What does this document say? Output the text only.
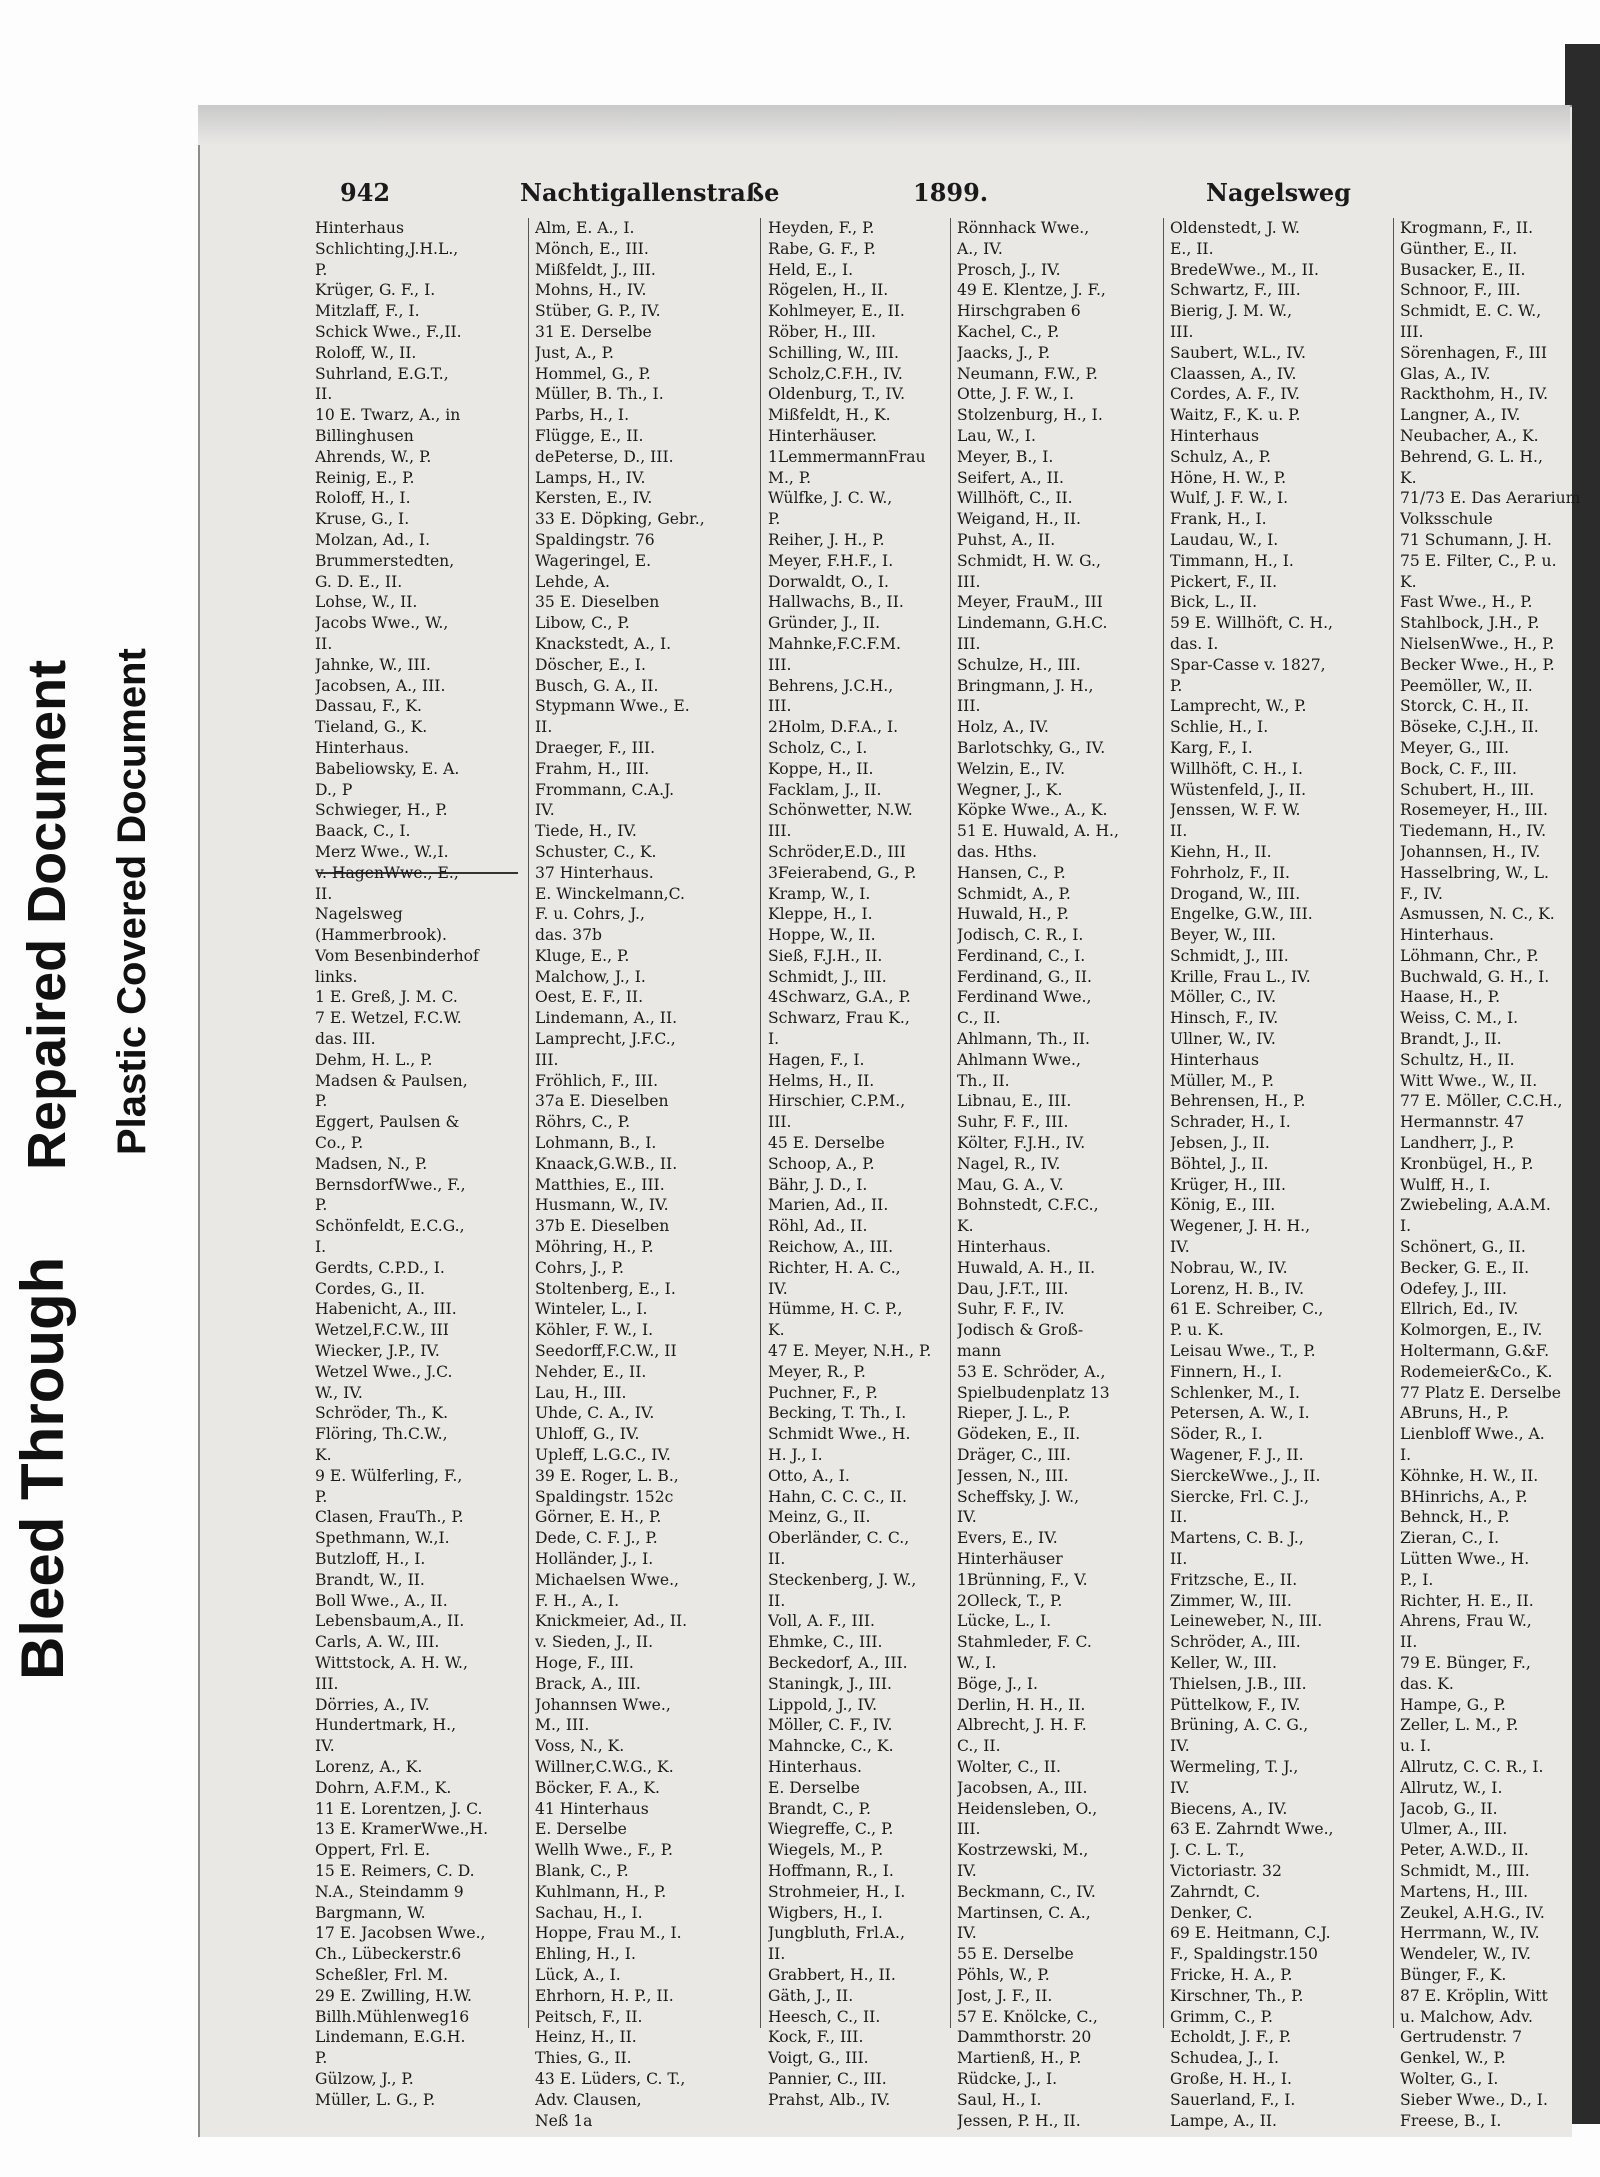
Bleed Through
Repaired Document Plastic Covered Document
942	Nachtigallenstraße	1899.	Nagelsweg
Hinterhaus
Schlichting,J.H.L.,
P.
Krüger, G. F., I.
Mitzlaff, F., I.
Schick Wwe., F.,II.
Roloff, W., II.
Suhrland, E.G.T.,
II.
10 E. Twarz, A., in
Billinghusen
Ahrends, W., P.
Reinig, E., P.
Roloff, H., I.
Kruse, G., I.
Molzan, Ad., I.
Brummerstedten,
G. D. E., II.
Lohse, W., II.
Jacobs Wwe., W.,
II.
Jahnke, W., III.
Jacobsen, A., III.
Dassau, F., K.
Tieland, G., K.
Hinterhaus.
Babeliowsky, E. A.
D., P
Schwieger, H., P.
Baack, C., I.
Merz Wwe., W.,I.
v. HagenWwe., E.,
II.
Nagelsweg
(Hammerbrook).
Vom Besenbinderhof
links.
1 E. Greß, J. M. C.
7 E. Wetzel, F.C.W.
das. III.
Dehm, H. L., P.
Madsen & Paulsen,
P.
Eggert, Paulsen &
Co., P.
Madsen, N., P.
BernsdorfWwe., F.,
P.
Schönfeldt, E.C.G.,
I.
Gerdts, C.P.D., I.
Cordes, G., II.
Habenicht, A., III.
Wetzel,F.C.W., III
Wiecker, J.P., IV.
Wetzel Wwe., J.C.
W., IV.
Schröder, Th., K.
Flöring, Th.C.W.,
K.
9 E. Wülferling, F.,
P.
Clasen, FrauTh., P.
Spethmann, W.,I.
Butzloff, H., I.
Brandt, W., II.
Boll Wwe., A., II.
Lebensbaum,A., II.
Carls, A. W., III.
Wittstock, A. H. W.,
III.
Dörries, A., IV.
Hundertmark, H.,
IV.
Lorenz, A., K.
Dohrn, A.F.M., K.
11 E. Lorentzen, J. C.
13 E. KramerWwe.,H.
Oppert, Frl. E.
15 E. Reimers, C. D.
N.A., Steindamm 9
Bargmann, W.
17 E. Jacobsen Wwe.,
Ch., Lübeckerstr.6
Scheßler, Frl. M.
29 E. Zwilling, H.W.
Billh.Mühlenweg16
Lindemann, E.G.H.
P.
Gülzow, J., P.
Müller, L. G., P.
Alm, E. A., I.
Mönch, E., III.
Mißfeldt, J., III.
Mohns, H., IV.
Stüber, G. P., IV.
31 E. Derselbe
Just, A., P.
Hommel, G., P.
Müller, B. Th., I.
Parbs, H., I.
Flügge, E., II.
dePeterse, D., III.
Lamps, H., IV.
Kersten, E., IV.
33 E. Döpking, Gebr.,
Spaldingstr. 76
Wageringel, E.
Lehde, A.
35 E. Dieselben
Libow, C., P.
Knackstedt, A., I.
Döscher, E., I.
Busch, G. A., II.
Stypmann Wwe., E.
II.
Draeger, F., III.
Frahm, H., III.
Frommann, C.A.J.
IV.
Tiede, H., IV.
Schuster, C., K.
37 Hinterhaus.
E. Winckelmann,C.
F. u. Cohrs, J.,
das. 37b
Kluge, E., P.
Malchow, J., I.
Oest, E. F., II.
Lindemann, A., II.
Lamprecht, J.F.C.,
III.
Fröhlich, F., III.
37a E. Dieselben
Röhrs, C., P.
Lohmann, B., I.
Knaack,G.W.B., II.
Matthies, E., III.
Husmann, W., IV.
37b E. Dieselben
Möhring, H., P.
Cohrs, J., P.
Stoltenberg, E., I.
Winteler, L., I.
Köhler, F. W., I.
Seedorff,F.C.W., II
Nehder, E., II.
Lau, H., III.
Uhde, C. A., IV.
Uhloff, G., IV.
Upleff, L.G.C., IV.
39 E. Roger, L. B.,
Spaldingstr. 152c
Görner, E. H., P.
Dede, C. F. J., P.
Holländer, J., I.
Michaelsen Wwe.,
F. H., A., I.
Knickmeier, Ad., II.
v. Sieden, J., II.
Hoge, F., III.
Brack, A., III.
Johannsen Wwe.,
M., III.
Voss, N., K.
Willner,C.W.G., K.
Böcker, F. A., K.
41 Hinterhaus
E. Derselbe
Wellh Wwe., F., P.
Blank, C., P.
Kuhlmann, H., P.
Sachau, H., I.
Hoppe, Frau M., I.
Ehling, H., I.
Lück, A., I.
Ehrhorn, H. P., II.
Peitsch, F., II.
Heinz, H., II.
Thies, G., II.
43 E. Lüders, C. T.,
Adv. Clausen,
Neß 1a
Heyden, F., P.
Rabe, G. F., P.
Held, E., I.
Rögelen, H., II.
Kohlmeyer, E., II.
Röber, H., III.
Schilling, W., III.
Scholz,C.F.H., IV.
Oldenburg, T., IV.
Mißfeldt, H., K.
Hinterhäuser.
1LemmermannFrau
M., P.
Wülfke, J. C. W.,
P.
Reiher, J. H., P.
Meyer, F.H.F., I.
Dorwaldt, O., I.
Hallwachs, B., II.
Gründer, J., II.
Mahnke,F.C.F.M.
III.
Behrens, J.C.H.,
III.
2Holm, D.F.A., I.
Scholz, C., I.
Koppe, H., II.
Facklam, J., II.
Schönwetter, N.W.
III.
Schröder,E.D., III
3Feierabend, G., P.
Kramp, W., I.
Kleppe, H., I.
Hoppe, W., II.
Sieß, F.J.H., II.
Schmidt, J., III.
4Schwarz, G.A., P.
Schwarz, Frau K.,
I.
Hagen, F., I.
Helms, H., II.
Hirschier, C.P.M.,
III.
45 E. Derselbe
Schoop, A., P.
Bähr, J. D., I.
Marien, Ad., II.
Röhl, Ad., II.
Reichow, A., III.
Richter, H. A. C.,
IV.
Hümme, H. C. P.,
K.
47 E. Meyer, N.H., P.
Meyer, R., P.
Puchner, F., P.
Becking, T. Th., I.
Schmidt Wwe., H.
H. J., I.
Otto, A., I.
Hahn, C. C. C., II.
Meinz, G., II.
Oberländer, C. C.,
II.
Steckenberg, J. W.,
II.
Voll, A. F., III.
Ehmke, C., III.
Beckedorf, A., III.
Staningk, J., III.
Lippold, J., IV.
Möller, C. F., IV.
Mahncke, C., K.
Hinterhaus.
E. Derselbe
Brandt, C., P.
Wiegreffe, C., P.
Wiegels, M., P.
Hoffmann, R., I.
Strohmeier, H., I.
Wigbers, H., I.
Jungbluth, Frl.A.,
II.
Grabbert, H., II.
Gäth, J., II.
Heesch, C., II.
Kock, F., III.
Voigt, G., III.
Pannier, C., III.
Prahst, Alb., IV.
Rönnhack Wwe.,
A., IV.
Prosch, J., IV.
49 E. Klentze, J. F.,
Hirschgraben 6
Kachel, C., P.
Jaacks, J., P.
Neumann, F.W., P.
Otte, J. F. W., I.
Stolzenburg, H., I.
Lau, W., I.
Meyer, B., I.
Seifert, A., II.
Willhöft, C., II.
Weigand, H., II.
Puhst, A., II.
Schmidt, H. W. G.,
III.
Meyer, FrauM., III
Lindemann, G.H.C.
III.
Schulze, H., III.
Bringmann, J. H.,
III.
Holz, A., IV.
Barlotschky, G., IV.
Welzin, E., IV.
Wegner, J., K.
Köpke Wwe., A., K.
51 E. Huwald, A. H.,
das. Hths.
Hansen, C., P.
Schmidt, A., P.
Huwald, H., P.
Jodisch, C. R., I.
Ferdinand, C., I.
Ferdinand, G., II.
Ferdinand Wwe.,
C., II.
Ahlmann, Th., II.
Ahlmann Wwe.,
Th., II.
Libnau, E., III.
Suhr, F. F., III.
Költer, F.J.H., IV.
Nagel, R., IV.
Mau, G. A., V.
Bohnstedt, C.F.C.,
K.
Hinterhaus.
Huwald, A. H., II.
Dau, J.F.T., III.
Suhr, F. F., IV.
Jodisch & Groß-
mann
53 E. Schröder, A.,
Spielbudenplatz 13
Rieper, J. L., P.
Gödeken, E., II.
Dräger, C., III.
Jessen, N., III.
Scheffsky, J. W.,
IV.
Evers, E., IV.
Hinterhäuser
1Brünning, F., V.
2Olleck, T., P.
Lücke, L., I.
Stahmleder, F. C.
W., I.
Böge, J., I.
Derlin, H. H., II.
Albrecht, J. H. F.
C., II.
Wolter, C., II.
Jacobsen, A., III.
Heidensleben, O.,
III.
Kostrzewski, M.,
IV.
Beckmann, C., IV.
Martinsen, C. A.,
IV.
55 E. Derselbe
Pöhls, W., P.
Jost, J. F., II.
57 E. Knölcke, C.,
Dammthorstr. 20
Martienß, H., P.
Rüdcke, J., I.
Saul, H., I.
Jessen, P. H., II.
Oldenstedt, J. W.
E., II.
BredeWwe., M., II.
Schwartz, F., III.
Bierig, J. M. W.,
III.
Saubert, W.L., IV.
Claassen, A., IV.
Cordes, A. F., IV.
Waitz, F., K. u. P.
Hinterhaus
Schulz, A., P.
Höne, H. W., P.
Wulf, J. F. W., I.
Frank, H., I.
Laudau, W., I.
Timmann, H., I.
Pickert, F., II.
Bick, L., II.
59 E. Willhöft, C. H.,
das. I.
Spar-Casse v. 1827,
P.
Lamprecht, W., P.
Schlie, H., I.
Karg, F., I.
Willhöft, C. H., I.
Wüstenfeld, J., II.
Jenssen, W. F. W.
II.
Kiehn, H., II.
Fohrholz, F., II.
Drogand, W., III.
Engelke, G.W., III.
Beyer, W., III.
Schmidt, J., III.
Krille, Frau L., IV.
Möller, C., IV.
Hinsch, F., IV.
Ullner, W., IV.
Hinterhaus
Müller, M., P.
Behrensen, H., P.
Schrader, H., I.
Jebsen, J., II.
Böhtel, J., II.
Krüger, H., III.
König, E., III.
Wegener, J. H. H.,
IV.
Nobrau, W., IV.
Lorenz, H. B., IV.
61 E. Schreiber, C.,
P. u. K.
Leisau Wwe., T., P.
Finnern, H., I.
Schlenker, M., I.
Petersen, A. W., I.
Söder, R., I.
Wagener, F. J., II.
SierckeWwe., J., II.
Siercke, Frl. C. J.,
II.
Martens, C. B. J.,
II.
Fritzsche, E., II.
Zimmer, W., III.
Leineweber, N., III.
Schröder, A., III.
Keller, W., III.
Thielsen, J.B., III.
Püttelkow, F., IV.
Brüning, A. C. G.,
IV.
Wermeling, T. J.,
IV.
Biecens, A., IV.
63 E. Zahrndt Wwe.,
J. C. L. T.,
Victoriastr. 32
Zahrndt, C.
Denker, C.
69 E. Heitmann, C.J.
F., Spaldingstr.150
Fricke, H. A., P.
Kirschner, Th., P.
Grimm, C., P.
Echoldt, J. F., P.
Schudea, J., I.
Große, H. H., I.
Sauerland, F., I.
Lampe, A., II.
Krogmann, F., II.
Günther, E., II.
Busacker, E., II.
Schnoor, F., III.
Schmidt, E. C. W.,
III.
Sörenhagen, F., III
Glas, A., IV.
Rackthohm, H., IV.
Langner, A., IV.
Neubacher, A., K.
Behrend, G. L. H.,
K.
71/73 E. Das Aerarium
Volksschule
71 Schumann, J. H.
75 E. Filter, C., P. u.
K.
Fast Wwe., H., P.
Stahlbock, J.H., P.
NielsenWwe., H., P.
Becker Wwe., H., P.
Peemöller, W., II.
Storck, C. H., II.
Böseke, C.J.H., II.
Meyer, G., III.
Bock, C. F., III.
Schubert, H., III.
Rosemeyer, H., III.
Tiedemann, H., IV.
Johannsen, H., IV.
Hasselbring, W., L.
F., IV.
Asmussen, N. C., K.
Hinterhaus.
Löhmann, Chr., P.
Buchwald, G. H., I.
Haase, H., P.
Weiss, C. M., I.
Brandt, J., II.
Schultz, H., II.
Witt Wwe., W., II.
77 E. Möller, C.C.H.,
Hermannstr. 47
Landherr, J., P.
Kronbügel, H., P.
Wulff, H., I.
Zwiebeling, A.A.M.
I.
Schönert, G., II.
Becker, G. E., II.
Odefey, J., III.
Ellrich, Ed., IV.
Kolmorgen, E., IV.
Holtermann, G.&F.
Rodemeier&Co., K.
77 Platz E. Derselbe
ABruns, H., P.
Lienbloff Wwe., A.
I.
Köhnke, H. W., II.
BHinrichs, A., P.
Behnck, H., P.
Zieran, C., I.
Lütten Wwe., H.
P., I.
Richter, H. E., II.
Ahrens, Frau W.,
II.
79 E. Bünger, F.,
das. K.
Hampe, G., P.
Zeller, L. M., P.
u. I.
Allrutz, C. C. R., I.
Allrutz, W., I.
Jacob, G., II.
Ulmer, A., III.
Peter, A.W.D., II.
Schmidt, M., III.
Martens, H., III.
Zeukel, A.H.G., IV.
Herrmann, W., IV.
Wendeler, W., IV.
Bünger, F., K.
87 E. Kröplin, Witt
u. Malchow, Adv.
Gertrudenstr. 7
Genkel, W., P.
Wolter, G., I.
Sieber Wwe., D., I.
Freese, B., I.
